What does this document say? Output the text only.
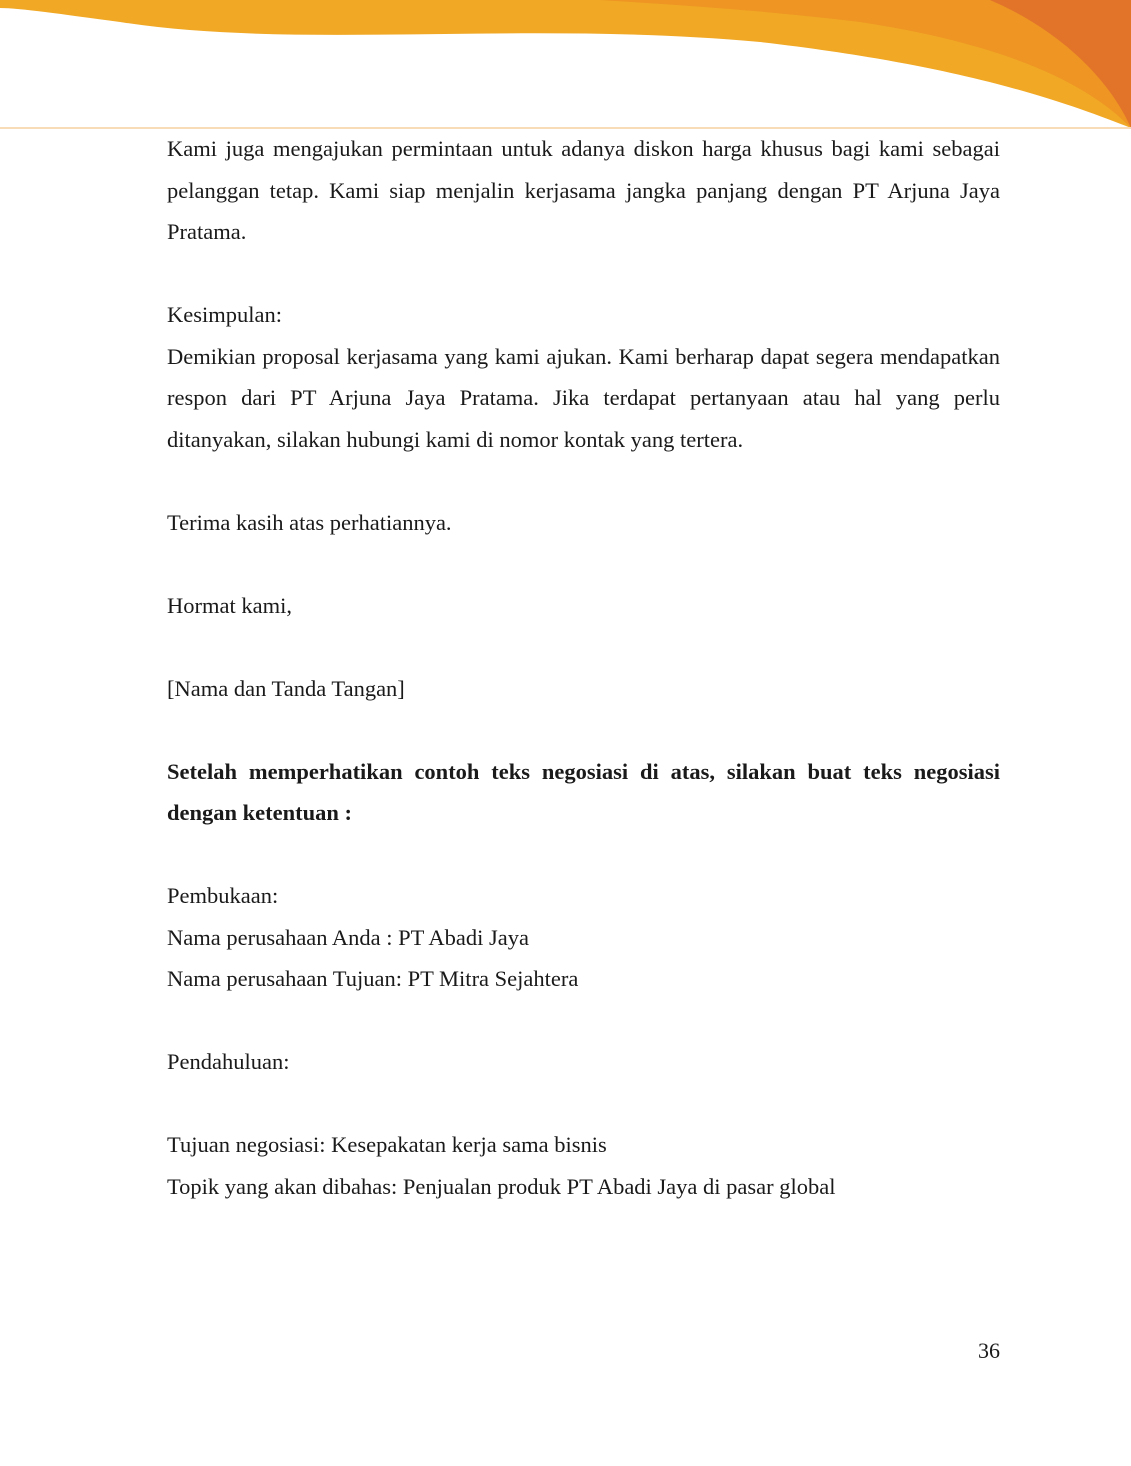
Kami juga mengajukan permintaan untuk adanya diskon harga khusus bagi kami sebagai pelanggan tetap. Kami siap menjalin kerjasama jangka panjang dengan PT Arjuna Jaya Pratama.

Kesimpulan:

Demikian proposal kerjasama yang kami ajukan. Kami berharap dapat segera mendapatkan respon dari PT Arjuna Jaya Pratama. Jika terdapat pertanyaan atau hal yang perlu ditanyakan, silakan hubungi kami di nomor kontak yang tertera.

Terima kasih atas perhatiannya.

Hormat kami,

[Nama dan Tanda Tangan]

Setelah memperhatikan contoh teks negosiasi di atas, silakan buat teks negosiasi dengan ketentuan :

Pembukaan:

Nama perusahaan Anda : PT Abadi Jaya

Nama perusahaan Tujuan: PT Mitra Sejahtera

Pendahuluan:

Tujuan negosiasi: Kesepakatan kerja sama bisnis

Topik yang akan dibahas: Penjualan produk PT Abadi Jaya di pasar global

36
